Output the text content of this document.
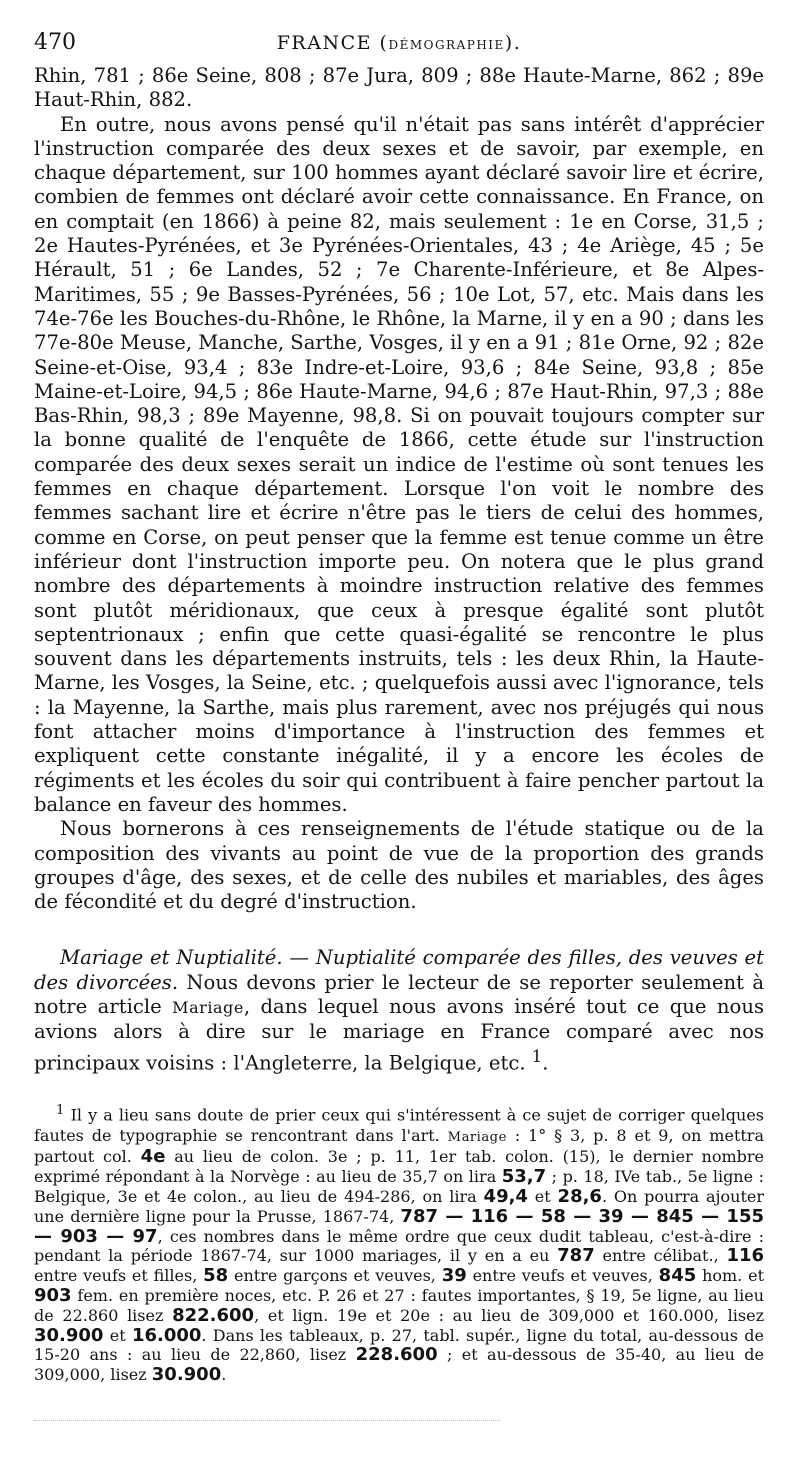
470	FRANCE (DÉMOGRAPHIE).

Rhin, 781 ; 86e Seine, 808 ; 87e Jura, 809 ; 88e Haute-Marne, 862 ; 89e Haut-Rhin, 882.

En outre, nous avons pensé qu'il n'était pas sans intérêt d'apprécier l'instruction comparée des deux sexes et de savoir, par exemple, en chaque département, sur 100 hommes ayant déclaré savoir lire et écrire, combien de femmes ont déclaré avoir cette connaissance. En France, on en comptait (en 1866) à peine 82, mais seulement : 1e en Corse, 31,5 ; 2e Hautes-Pyrénées, et 3e Pyrénées-Orientales, 43 ; 4e Ariège, 45 ; 5e Hérault, 51 ; 6e Landes, 52 ; 7e Charente-Inférieure, et 8e Alpes-Maritimes, 55 ; 9e Basses-Pyrénées, 56 ; 10e Lot, 57, etc. Mais dans les 74e-76e les Bouches-du-Rhône, le Rhône, la Marne, il y en a 90 ; dans les 77e-80e Meuse, Manche, Sarthe, Vosges, il y en a 91 ; 81e Orne, 92 ; 82e Seine-et-Oise, 93,4 ; 83e Indre-et-Loire, 93,6 ; 84e Seine, 93,8 ; 85e Maine-et-Loire, 94,5 ; 86e Haute-Marne, 94,6 ; 87e Haut-Rhin, 97,3 ; 88e Bas-Rhin, 98,3 ; 89e Mayenne, 98,8. Si on pouvait toujours compter sur la bonne qualité de l'enquête de 1866, cette étude sur l'instruction comparée des deux sexes serait un indice de l'estime où sont tenues les femmes en chaque département. Lorsque l'on voit le nombre des femmes sachant lire et écrire n'être pas le tiers de celui des hommes, comme en Corse, on peut penser que la femme est tenue comme un être inférieur dont l'instruction importe peu. On notera que le plus grand nombre des départements à moindre instruction relative des femmes sont plutôt méridionaux, que ceux à presque égalité sont plutôt septentrionaux ; enfin que cette quasi-égalité se rencontre le plus souvent dans les départements instruits, tels : les deux Rhin, la Haute-Marne, les Vosges, la Seine, etc. ; quelquefois aussi avec l'ignorance, tels : la Mayenne, la Sarthe, mais plus rarement, avec nos préjugés qui nous font attacher moins d'importance à l'instruction des femmes et expliquent cette constante inégalité, il y a encore les écoles de régiments et les écoles du soir qui contribuent à faire pencher partout la balance en faveur des hommes.

Nous bornerons à ces renseignements de l'étude statique ou de la composition des vivants au point de vue de la proportion des grands groupes d'âge, des sexes, et de celle des nubiles et mariables, des âges de fécondité et du degré d'instruction.

Mariage et Nuptialité. — Nuptialité comparée des filles, des veuves et des divorcées. Nous devons prier le lecteur de se reporter seulement à notre article Mariage, dans lequel nous avons inséré tout ce que nous avions alors à dire sur le mariage en France comparé avec nos principaux voisins : l'Angleterre, la Belgique, etc. $^1$.

$^1$ Il y a lieu sans doute de prier ceux qui s'intéressent à ce sujet de corriger quelques fautes de typographie se rencontrant dans l'art. Mariage : 1° § 3, p. 8 et 9, on mettra partout col. 4e au lieu de colon. 3e ; p. 11, 1er tab. colon. (15), le dernier nombre exprimé répondant à la Norvège : au lieu de 35,7 on lira 53,7 ; p. 18, IVe tab., 5e ligne : Belgique, 3e et 4e colon., au lieu de 494-286, on lira 49,4 et 28,6. On pourra ajouter une dernière ligne pour la Prusse, 1867-74, 787 — 116 — 58 — 39 — 845 — 155 — 903 — 97, ces nombres dans le même ordre que ceux dudit tableau, c'est-à-dire : pendant la période 1867-74, sur 1000 mariages, il y en a eu 787 entre célibat., 116 entre veufs et filles, 58 entre garçons et veuves, 39 entre veufs et veuves, 845 hom. et 903 fem. en première noces, etc. P. 26 et 27 : fautes importantes, § 19, 5e ligne, au lieu de 22.860 lisez 822.600, et lign. 19e et 20e : au lieu de 309,000 et 160.000, lisez 30.900 et 16.000. Dans les tableaux, p. 27, tabl. supér., ligne du total, au-dessous de 15-20 ans : au lieu de 22,860, lisez 228.600 ; et au-dessous de 35-40, au lieu de 309,000, lisez 30.900.
